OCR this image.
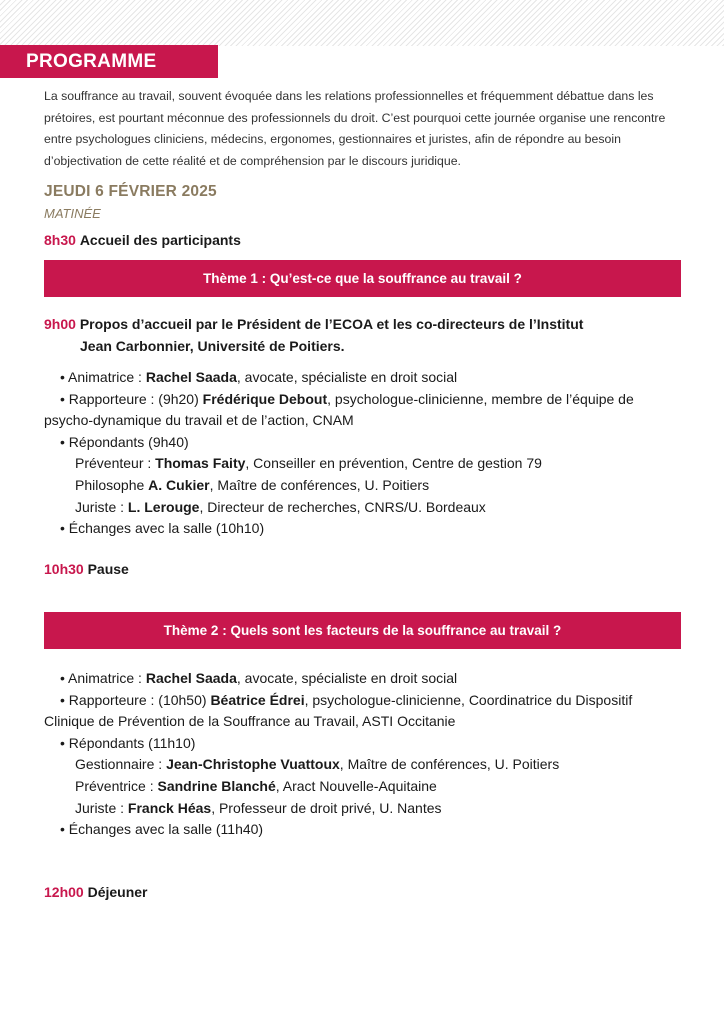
PROGRAMME

La souffrance au travail, souvent évoquée dans les relations professionnelles et fréquemment débattue dans les prétoires, est pourtant méconnue des professionnels du droit. C’est pourquoi cette journée organise une rencontre entre psychologues cliniciens, médecins, ergonomes, gestionnaires et juristes, afin de répondre au besoin d’objectivation de cette réalité et de compréhension par le discours juridique.

JEUDI 6 FÉVRIER 2025
MATINÉE
8h30 Accueil des participants
Thème 1 : Qu’est-ce que la souffrance au travail ?
9h00 Propos d’accueil par le Président de l’ECOA et les co-directeurs de l’Institut
Jean Carbonnier, Université de Poitiers.
• Animatrice : Rachel Saada, avocate, spécialiste en droit social
• Rapporteure : (9h20) Frédérique Debout, psychologue-clinicienne, membre de l’équipe de
psycho-dynamique du travail et de l’action, CNAM
• Répondants (9h40)
Préventeur : Thomas Faity, Conseiller en prévention, Centre de gestion 79
Philosophe A. Cukier, Maître de conférences, U. Poitiers
Juriste : L. Lerouge, Directeur de recherches, CNRS/U. Bordeaux
• Échanges avec la salle (10h10)
10h30 Pause
Thème 2 : Quels sont les facteurs de la souffrance au travail ?
• Animatrice : Rachel Saada, avocate, spécialiste en droit social
• Rapporteure : (10h50) Béatrice Édrei, psychologue-clinicienne, Coordinatrice du Dispositif
Clinique de Prévention de la Souffrance au Travail, ASTI Occitanie
• Répondants (11h10)
Gestionnaire : Jean-Christophe Vuattoux, Maître de conférences, U. Poitiers
Préventrice : Sandrine Blanché, Aract Nouvelle-Aquitaine
Juriste : Franck Héas, Professeur de droit privé, U. Nantes
• Échanges avec la salle (11h40)
12h00 Déjeuner
